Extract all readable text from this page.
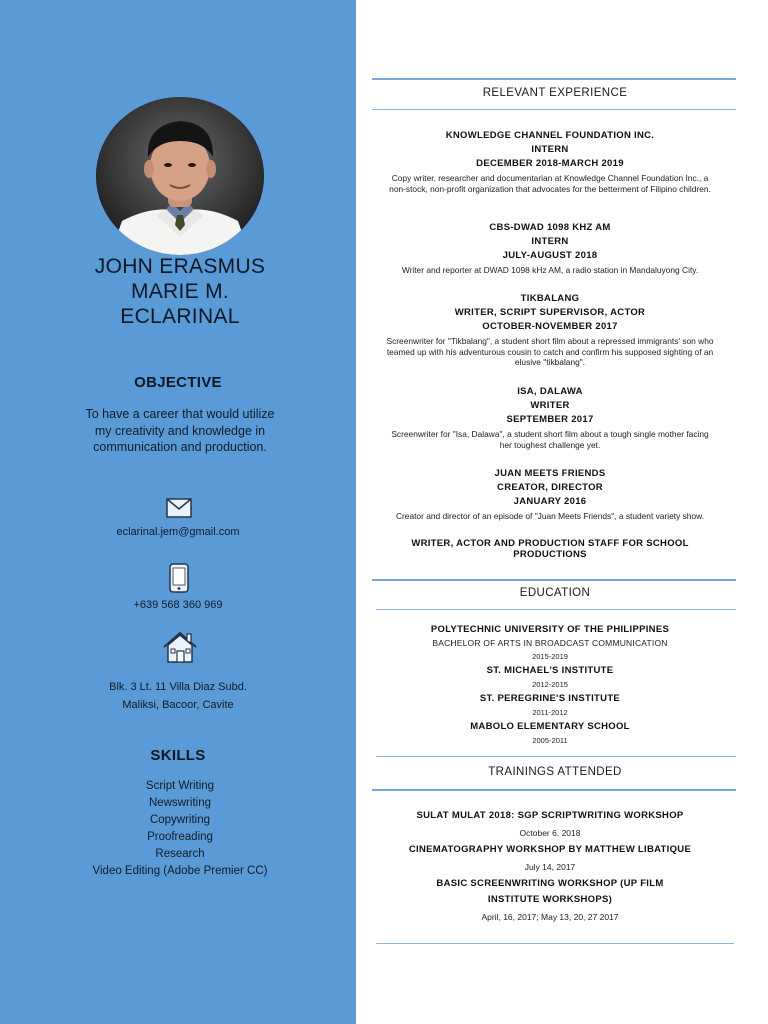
JOHN ERASMUS
MARIE M.
ECLARINAL
OBJECTIVE
To have a career that would utilize my creativity and knowledge in communication and production.
eclarinal.jem@gmail.com
+639 568 360 969
Blk. 3 Lt. 11 Villa Diaz Subd.
Maliksi, Bacoor, Cavite
SKILLS
Script Writing
Newswriting
Copywriting
Proofreading
Research
Video Editing (Adobe Premier CC)
RELEVANT EXPERIENCE
KNOWLEDGE CHANNEL FOUNDATION INC.
INTERN
DECEMBER 2018-MARCH 2019
Copy writer, researcher and documentarian at Knowledge Channel Foundation Inc., a non-stock, non-profit organization that advocates for the betterment of Filipino children.
CBS-DWAD 1098 KHZ AM
INTERN
JULY-AUGUST 2018
Writer and reporter at DWAD 1098 kHz AM, a radio station in Mandaluyong City.
TIKBALANG
WRITER, SCRIPT SUPERVISOR, ACTOR
OCTOBER-NOVEMBER 2017
Screenwriter for "Tikbalang", a student short film about a repressed immigrants' son who teamed up with his adventurous cousin to catch and confirm his supposed sighting of an elusive "tikbalang".
ISA, DALAWA
WRITER
SEPTEMBER 2017
Screenwriter for "Isa, Dalawa", a student short film about a tough single mother facing her toughest challenge yet.
JUAN MEETS FRIENDS
CREATOR, DIRECTOR
JANUARY 2016
Creator and director of an episode of "Juan Meets Friends", a student variety show.
WRITER, ACTOR AND PRODUCTION STAFF FOR SCHOOL PRODUCTIONS
EDUCATION
POLYTECHNIC UNIVERSITY OF THE PHILIPPINES
BACHELOR OF ARTS IN BROADCAST COMMUNICATION
2015-2019
ST. MICHAEL'S INSTITUTE
2012-2015
ST. PEREGRINE'S INSTITUTE
2011-2012
MABOLO ELEMENTARY SCHOOL
2005-2011
TRAININGS ATTENDED
SULAT MULAT 2018: SGP SCRIPTWRITING WORKSHOP
October 6, 2018
CINEMATOGRAPHY WORKSHOP BY MATTHEW LIBATIQUE
July 14, 2017
BASIC SCREENWRITING WORKSHOP (UP FILM INSTITUTE WORKSHOPS)
April, 16, 2017; May 13, 20, 27 2017
